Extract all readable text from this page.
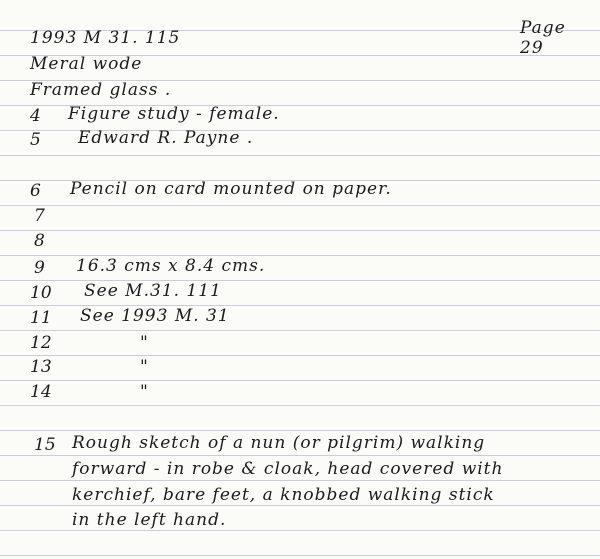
Page 29
1993 M 31. 115
Meral wode
Framed glass .
4 Figure study - female.
5 Edward R. Payne .
6 Pencil on card mounted on paper.
7
8
9 16.3 cms x 8.4 cms.
10 See M.31. 111
11 See 1993 M. 31
12	"
13	"
14	"
15 Rough sketch of a nun (or pilgrim) walking
forward - in robe & cloak, head covered with
kerchief, bare feet, a knobbed walking stick
in the left hand.
